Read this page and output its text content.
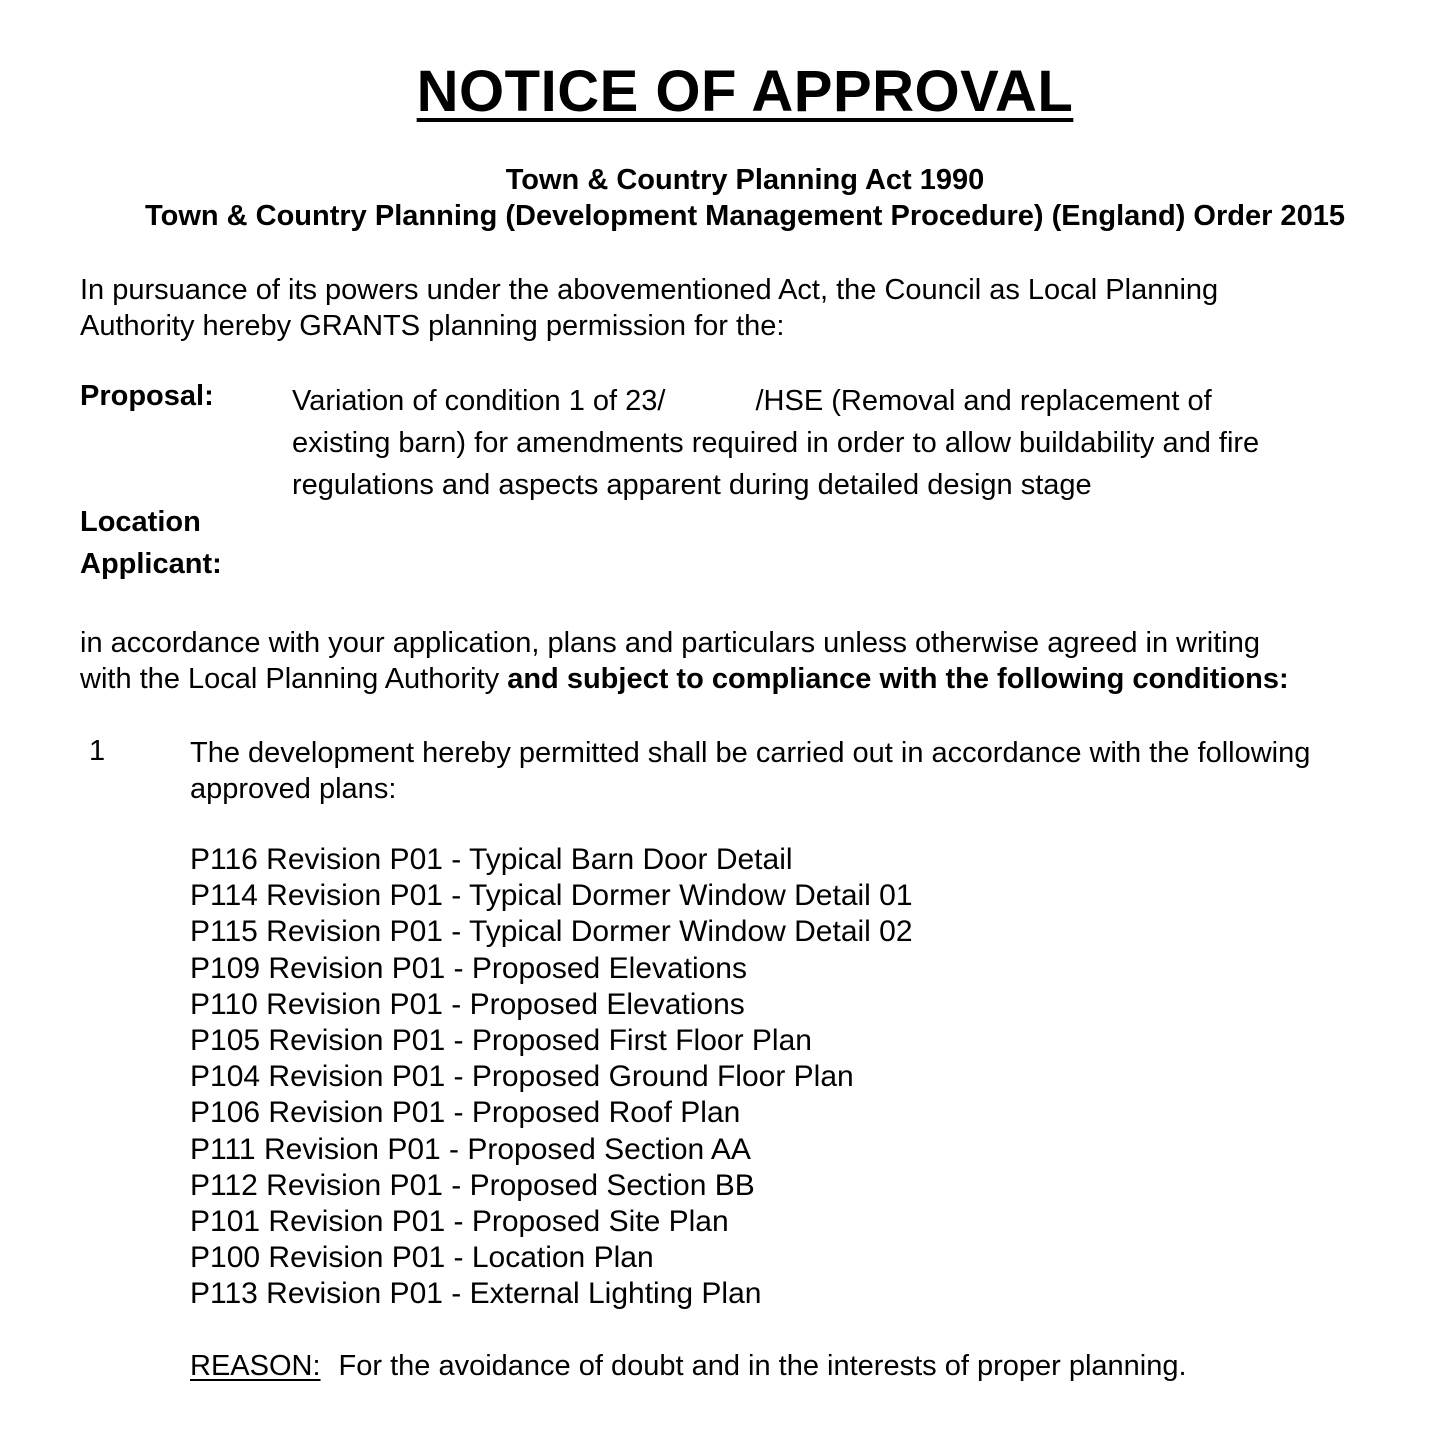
NOTICE OF APPROVAL
Town & Country Planning Act 1990
Town & Country Planning (Development Management Procedure) (England) Order 2015
In pursuance of its powers under the abovementioned Act, the Council as Local Planning
Authority hereby GRANTS planning permission for the:
Proposal:	Variation of condition 1 of 23/	/HSE (Removal and replacement of
existing barn) for amendments required in order to allow buildability and fire
regulations and aspects apparent during detailed design stage
Location
Applicant:
in accordance with your application, plans and particulars unless otherwise agreed in writing
with the Local Planning Authority and subject to compliance with the following conditions:
1	The development hereby permitted shall be carried out in accordance with the following
approved plans:
P116 Revision P01 - Typical Barn Door Detail
P114 Revision P01 - Typical Dormer Window Detail 01
P115 Revision P01 - Typical Dormer Window Detail 02
P109 Revision P01 - Proposed Elevations
P110 Revision P01 - Proposed Elevations
P105 Revision P01 - Proposed First Floor Plan
P104 Revision P01 - Proposed Ground Floor Plan
P106 Revision P01 - Proposed Roof Plan
P111 Revision P01 - Proposed Section AA
P112 Revision P01 - Proposed Section BB
P101 Revision P01 - Proposed Site Plan
P100 Revision P01 - Location Plan
P113 Revision P01 - External Lighting Plan
REASON: For the avoidance of doubt and in the interests of proper planning.
